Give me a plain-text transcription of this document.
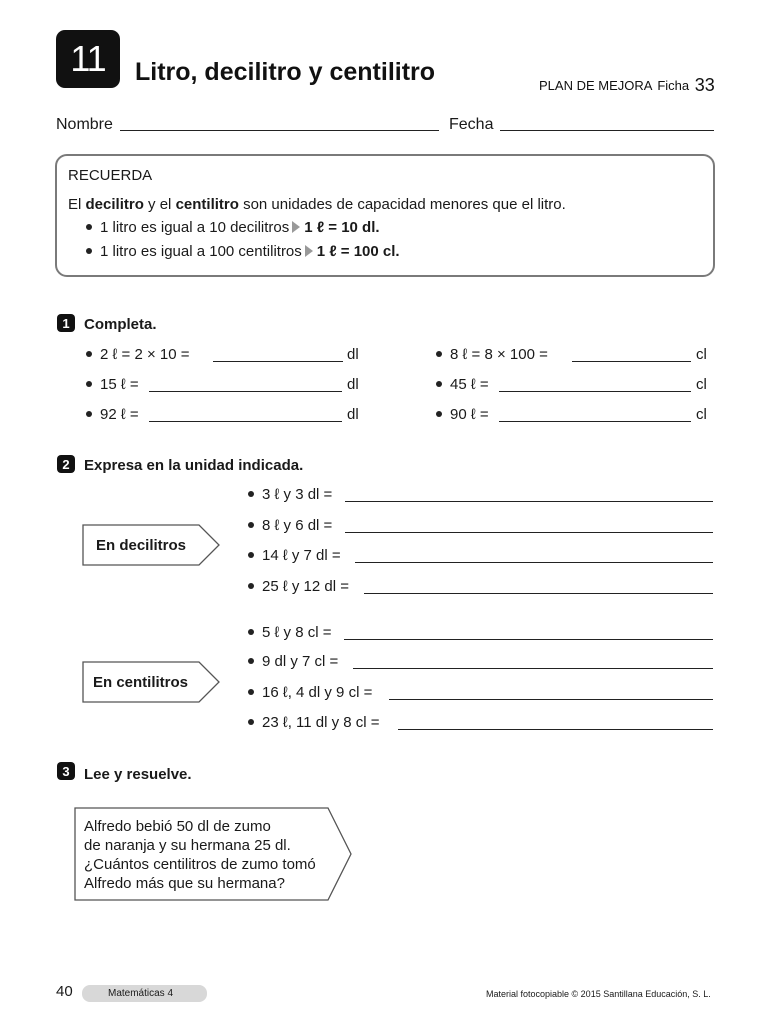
11 Litro, decilitro y centilitro	PLAN DE MEJORA Ficha 33
Nombre	Fecha
RECUERDA
El decilitro y el centilitro son unidades de capacidad menores que el litro.
1 litro es igual a 10 decilitros 1 ℓ = 10 dl.
1 litro es igual a 100 centilitros 1 ℓ = 100 cl.
1 Completa.
2 ℓ = 2 × 10 =	dl
15 ℓ =	dl
92 ℓ =	dl
8 ℓ = 8 × 100 =	cl
45 ℓ =	cl
90 ℓ =	cl
2 Expresa en la unidad indicada.
En decilitros
3 ℓ y 3 dl =
8 ℓ y 6 dl =
14 ℓ y 7 dl =
25 ℓ y 12 dl =
En centilitros
5 ℓ y 8 cl =
9 dl y 7 cl =
16 ℓ, 4 dl y 9 cl =
23 ℓ, 11 dl y 8 cl =
3 Lee y resuelve.
Alfredo bebió 50 dl de zumo
de naranja y su hermana 25 dl.
¿Cuántos centilitros de zumo tomó
Alfredo más que su hermana?
40	Matemáticas 4	Material fotocopiable © 2015 Santillana Educación, S. L.
